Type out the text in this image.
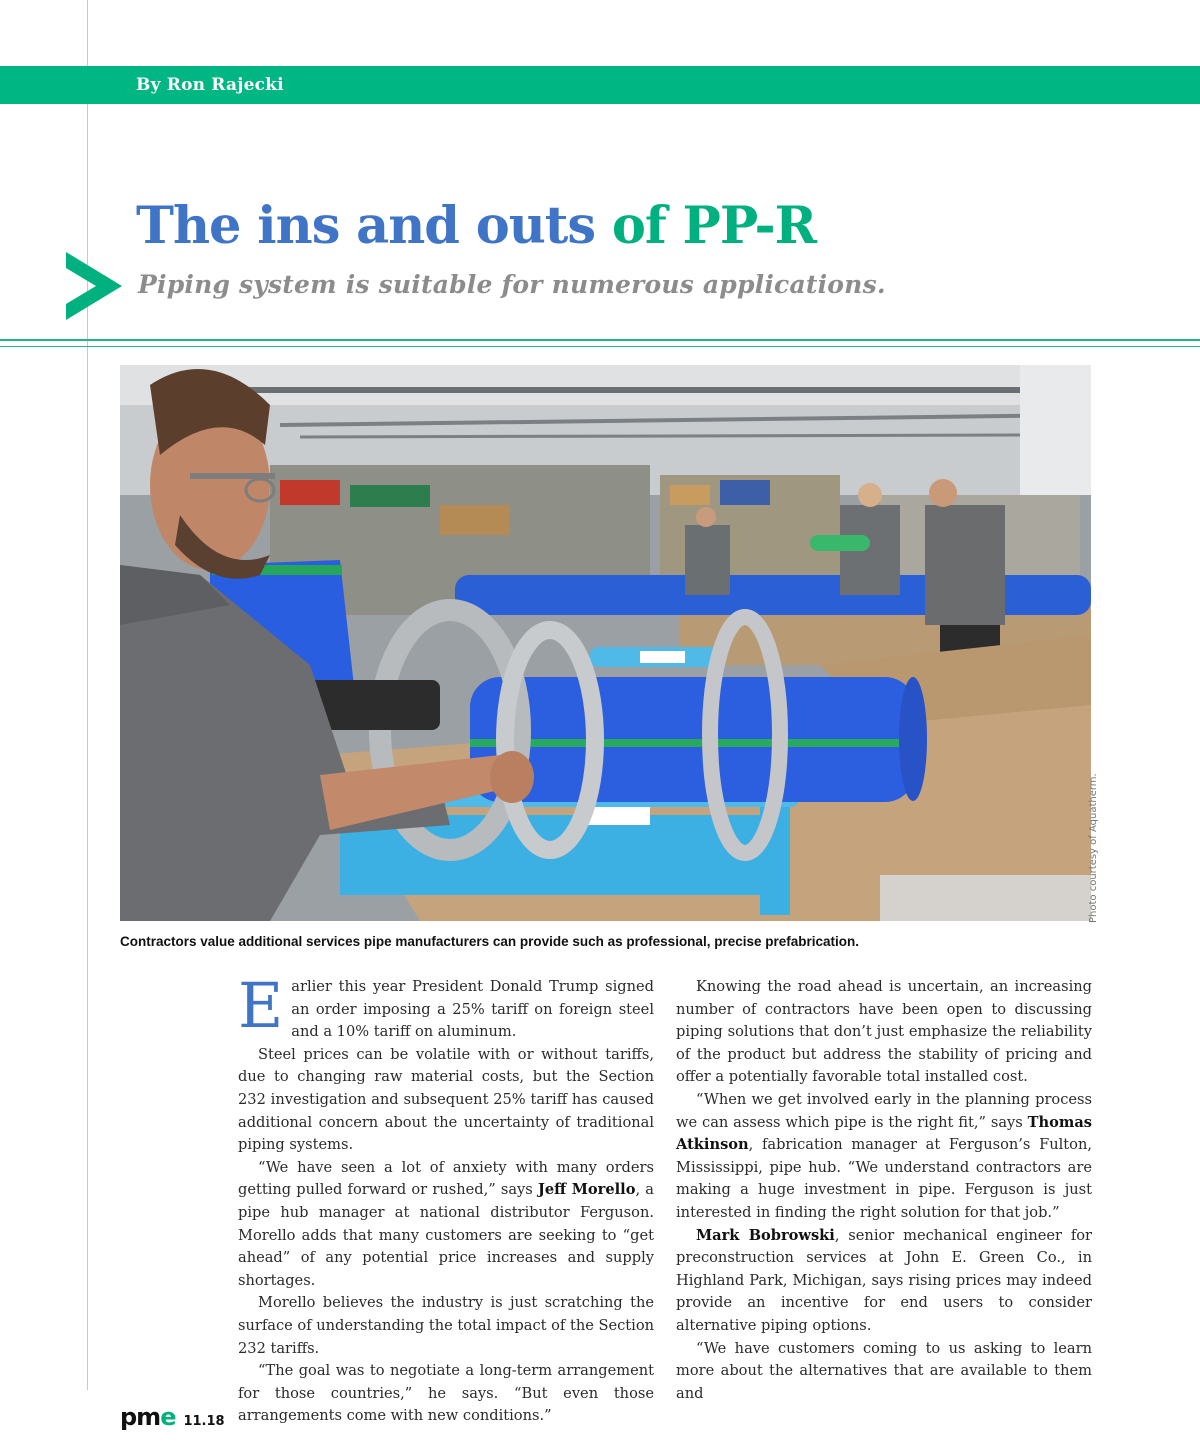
By Ron Rajecki
The ins and outs of PP-R
Piping system is suitable for numerous applications.
Photo courtesy of Aquatherm.
Contractors value additional services pipe manufacturers can provide such as professional, precise prefabrication.

Earlier this year President Donald Trump signed an order imposing a 25% tariff on foreign steel and a 10% tariff on aluminum.

Steel prices can be volatile with or without tariffs, due to changing raw material costs, but the Section 232 investigation and subsequent 25% tariff has caused additional concern about the uncertainty of traditional piping systems.

“We have seen a lot of anxiety with many orders getting pulled forward or rushed,” says Jeff Morello, a pipe hub manager at national distributor Ferguson. Morello adds that many customers are seeking to “get ahead” of any potential price increases and supply shortages.

Morello believes the industry is just scratching the surface of understanding the total impact of the Section 232 tariffs.

“The goal was to negotiate a long-term arrangement for those countries,” he says. “But even those arrangements come with new conditions.”

Knowing the road ahead is uncertain, an increasing number of contractors have been open to discussing piping solutions that don’t just emphasize the reliability of the product but address the stability of pricing and offer a potentially favorable total installed cost.

“When we get involved early in the planning process we can assess which pipe is the right fit,” says Thomas Atkinson, fabrication manager at Ferguson’s Fulton, Mississippi, pipe hub. “We understand contractors are making a huge investment in pipe. Ferguson is just interested in finding the right solution for that job.”

Mark Bobrowski, senior mechanical engineer for preconstruction services at John E. Green Co., in Highland Park, Michigan, says rising prices may indeed provide an incentive for end users to consider alternative piping options.

“We have customers coming to us asking to learn more about the alternatives that are available to them and

pme 11.18
